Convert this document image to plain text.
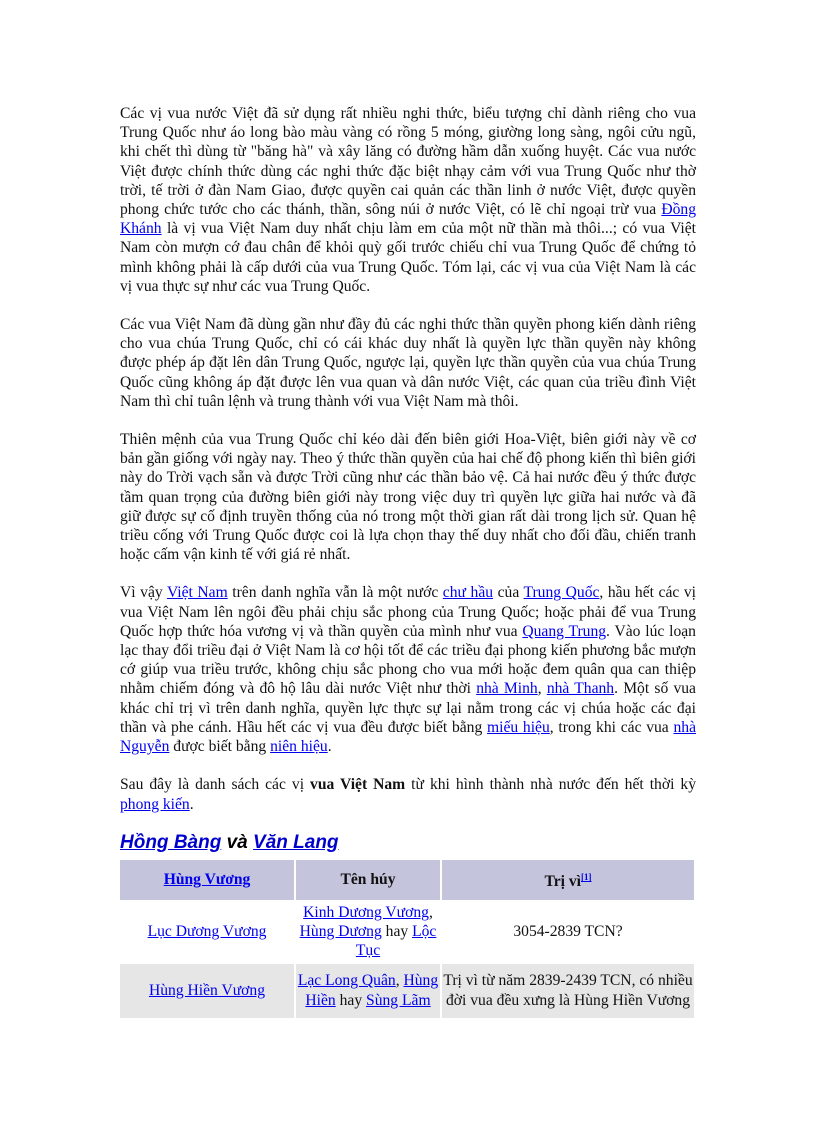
Các vị vua nước Việt đã sử dụng rất nhiều nghi thức, biểu tượng chỉ dành riêng cho vua Trung Quốc như áo long bào màu vàng có rồng 5 móng, giường long sàng, ngôi cửu ngũ, khi chết thì dùng từ "băng hà" và xây lăng có đường hầm dẫn xuống huyệt. Các vua nước Việt được chính thức dùng các nghi thức đặc biệt nhạy cảm với vua Trung Quốc như thờ trời, tế trời ở đàn Nam Giao, được quyền cai quản các thần linh ở nước Việt, được quyền phong chức tước cho các thánh, thần, sông núi ở nước Việt, có lẽ chỉ ngoại trừ vua Đồng Khánh là vị vua Việt Nam duy nhất chịu làm em của một nữ thần mà thôi...; có vua Việt Nam còn mượn cớ đau chân để khỏi quỳ gối trước chiếu chỉ vua Trung Quốc để chứng tỏ mình không phải là cấp dưới của vua Trung Quốc. Tóm lại, các vị vua của Việt Nam là các vị vua thực sự như các vua Trung Quốc.

Các vua Việt Nam đã dùng gần như đầy đủ các nghi thức thần quyền phong kiến dành riêng cho vua chúa Trung Quốc, chỉ có cái khác duy nhất là quyền lực thần quyền này không được phép áp đặt lên dân Trung Quốc, ngược lại, quyền lực thần quyền của vua chúa Trung Quốc cũng không áp đặt được lên vua quan và dân nước Việt, các quan của triều đình Việt Nam thì chỉ tuân lệnh và trung thành với vua Việt Nam mà thôi.

Thiên mệnh của vua Trung Quốc chỉ kéo dài đến biên giới Hoa-Việt, biên giới này về cơ bản gần giống với ngày nay. Theo ý thức thần quyền của hai chế độ phong kiến thì biên giới này do Trời vạch sẵn và được Trời cũng như các thần bảo vệ. Cả hai nước đều ý thức được tầm quan trọng của đường biên giới này trong việc duy trì quyền lực giữa hai nước và đã giữ được sự cố định truyền thống của nó trong một thời gian rất dài trong lịch sử. Quan hệ triều cống với Trung Quốc được coi là lựa chọn thay thế duy nhất cho đối đầu, chiến tranh hoặc cấm vận kinh tế với giá rẻ nhất.

Vì vậy Việt Nam trên danh nghĩa vẫn là một nước chư hầu của Trung Quốc, hầu hết các vị vua Việt Nam lên ngôi đều phải chịu sắc phong của Trung Quốc; hoặc phải để vua Trung Quốc hợp thức hóa vương vị và thần quyền của mình như vua Quang Trung. Vào lúc loạn lạc thay đổi triều đại ở Việt Nam là cơ hội tốt để các triều đại phong kiến phương bắc mượn cớ giúp vua triều trước, không chịu sắc phong cho vua mới hoặc đem quân qua can thiệp nhằm chiếm đóng và đô hộ lâu dài nước Việt như thời nhà Minh, nhà Thanh. Một số vua khác chỉ trị vì trên danh nghĩa, quyền lực thực sự lại nằm trong các vị chúa hoặc các đại thần và phe cánh. Hầu hết các vị vua đều được biết bằng miếu hiệu, trong khi các vua nhà Nguyễn được biết bằng niên hiệu.

Sau đây là danh sách các vị vua Việt Nam từ khi hình thành nhà nước đến hết thời kỳ phong kiến.

Hồng Bàng và Văn Lang
Hùng Vương	Tên húy	Trị vì[1]
Lục Dương Vương	Kinh Dương Vương, Hùng Dương hay Lộc Tục	3054-2839 TCN?
Hùng Hiền Vương	Lạc Long Quân, Hùng Hiền hay Sùng Lãm	Trị vì từ năm 2839-2439 TCN, có nhiều đời vua đều xưng là Hùng Hiền Vương
